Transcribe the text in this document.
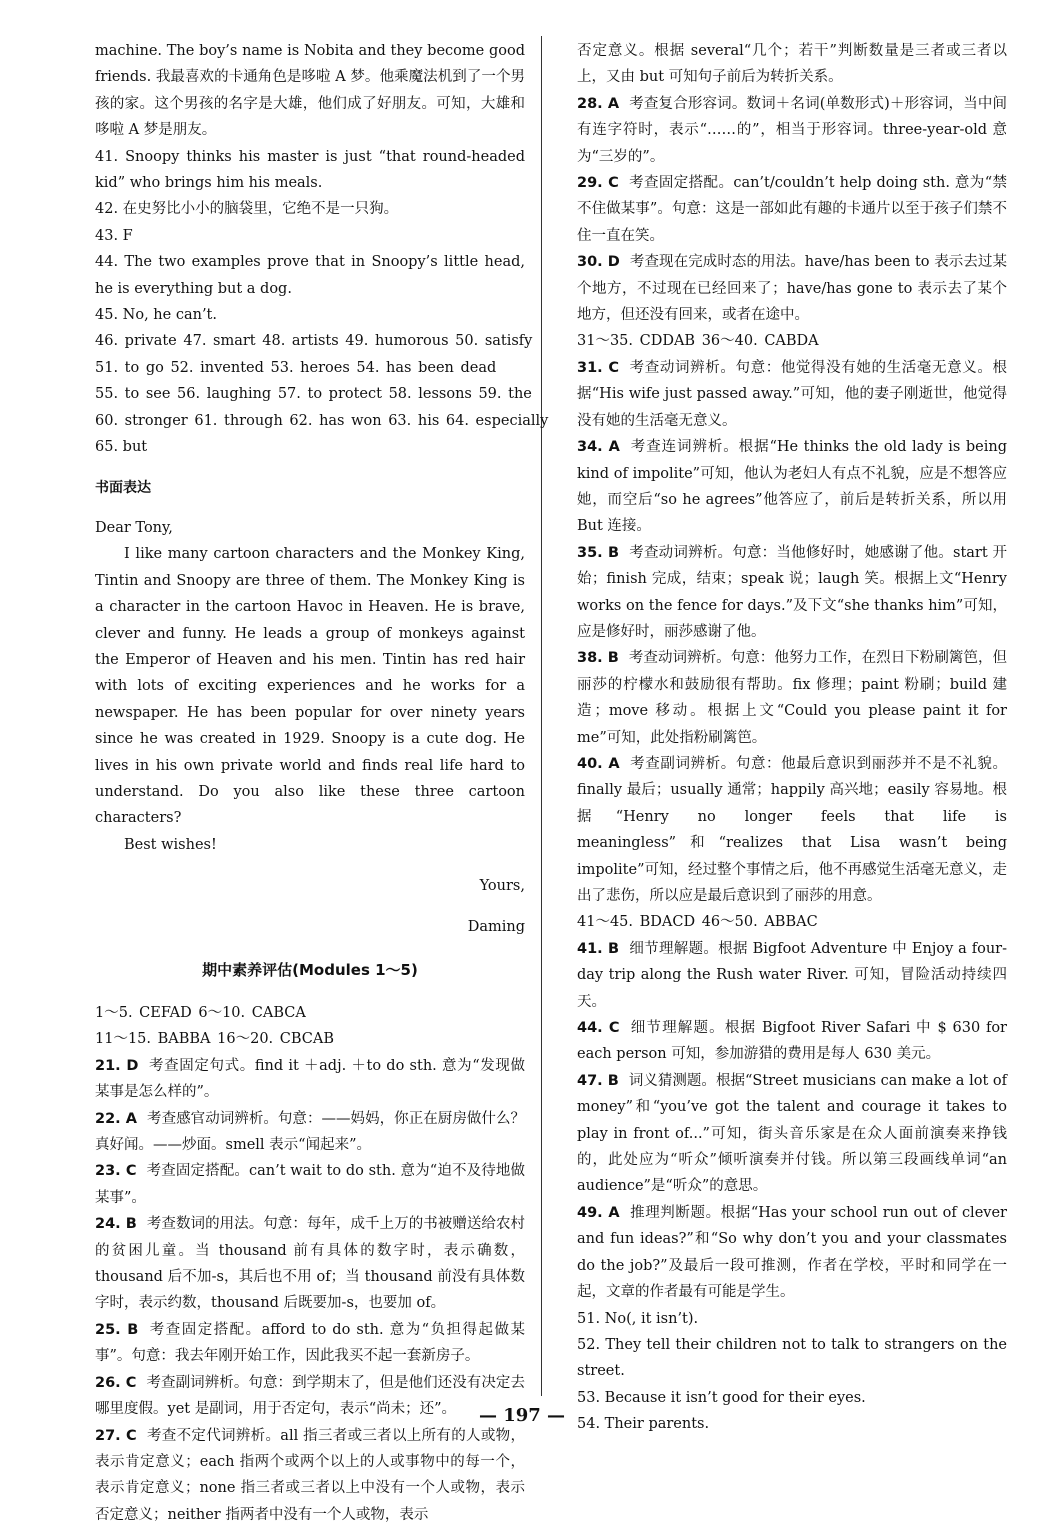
machine. The boy’s name is Nobita and they become good friends. 我最喜欢的卡通角色是哆啦 A 梦。他乘魔法机到了一个男孩的家。这个男孩的名字是大雄，他们成了好朋友。可知，大雄和哆啦 A 梦是朋友。

41. Snoopy thinks his master is just “that round-headed kid” who brings him his meals.

42. 在史努比小小的脑袋里，它绝不是一只狗。

43. F

44. The two examples prove that in Snoopy’s little head, he is everything but a dog.

45. No, he can’t.

46. private 47. smart 48. artists 49. humorous 50. satisfy

51. to go 52. invented 53. heroes 54. has been dead

55. to see 56. laughing 57. to protect 58. lessons 59. the

60. stronger 61. through 62. has won 63. his 64. especially

65. but

书面表达

Dear Tony,

I like many cartoon characters and the Monkey King, Tintin and Snoopy are three of them. The Monkey King is a character in the cartoon Havoc in Heaven. He is brave, clever and funny. He leads a group of monkeys against the Emperor of Heaven and his men. Tintin has red hair with lots of exciting experiences and he works for a newspaper. He has been popular for over ninety years since he was created in 1929. Snoopy is a cute dog. He lives in his own private world and finds real life hard to understand. Do you also like these three cartoon characters?

Best wishes!

Yours,

Daming

期中素养评估(Modules 1～5)

1～5. CEFAD 6～10. CABCA

11～15. BABBA 16～20. CBCAB

21. D 考查固定句式。find it ＋adj. ＋to do sth. 意为“发现做某事是怎么样的”。

22. A 考查感官动词辨析。句意：——妈妈，你正在厨房做什么？真好闻。——炒面。smell 表示“闻起来”。

23. C 考查固定搭配。can’t wait to do sth. 意为“迫不及待地做某事”。

24. B 考查数词的用法。句意：每年，成千上万的书被赠送给农村的贫困儿童。当 thousand 前有具体的数字时，表示确数，thousand 后不加-s，其后也不用 of；当 thousand 前没有具体数字时，表示约数，thousand 后既要加-s，也要加 of。

25. B 考查固定搭配。afford to do sth. 意为“负担得起做某事”。句意：我去年刚开始工作，因此我买不起一套新房子。

26. C 考查副词辨析。句意：到学期末了，但是他们还没有决定去哪里度假。yet 是副词，用于否定句，表示“尚未；还”。

27. C 考查不定代词辨析。all 指三者或三者以上所有的人或物，表示肯定意义；each 指两个或两个以上的人或事物中的每一个，表示肯定意义；none 指三者或三者以上中没有一个人或物，表示否定意义；neither 指两者中没有一个人或物，表示

否定意义。根据 several“几个；若干”判断数量是三者或三者以上，又由 but 可知句子前后为转折关系。

28. A 考查复合形容词。数词＋名词(单数形式)＋形容词，当中间有连字符时，表示“……的”，相当于形容词。three-year-old 意为“三岁的”。

29. C 考查固定搭配。can’t/couldn’t help doing sth. 意为“禁不住做某事”。句意：这是一部如此有趣的卡通片以至于孩子们禁不住一直在笑。

30. D 考查现在完成时态的用法。have/has been to 表示去过某个地方，不过现在已经回来了；have/has gone to 表示去了某个地方，但还没有回来，或者在途中。

31～35. CDDAB 36～40. CABDA

31. C 考查动词辨析。句意：他觉得没有她的生活毫无意义。根据“His wife just passed away.”可知，他的妻子刚逝世，他觉得没有她的生活毫无意义。

34. A 考查连词辨析。根据“He thinks the old lady is being kind of impolite”可知，他认为老妇人有点不礼貌，应是不想答应她，而空后“so he agrees”他答应了，前后是转折关系，所以用 But 连接。

35. B 考查动词辨析。句意：当他修好时，她感谢了他。start 开始；finish 完成，结束；speak 说；laugh 笑。根据上文“Henry works on the fence for days.”及下文“she thanks him”可知，应是修好时，丽莎感谢了他。

38. B 考查动词辨析。句意：他努力工作，在烈日下粉刷篱笆，但丽莎的柠檬水和鼓励很有帮助。fix 修理；paint 粉刷；build 建造；move 移动。根据上文“Could you please paint it for me”可知，此处指粉刷篱笆。

40. A 考查副词辨析。句意：他最后意识到丽莎并不是不礼貌。finally 最后；usually 通常；happily 高兴地；easily 容易地。根据“Henry no longer feels that life is meaningless”和“realizes that Lisa wasn’t being impolite”可知，经过整个事情之后，他不再感觉生活毫无意义，走出了悲伤，所以应是最后意识到了丽莎的用意。

41～45. BDACD 46～50. ABBAC

41. B 细节理解题。根据 Bigfoot Adventure 中 Enjoy a four-day trip along the Rush water River. 可知，冒险活动持续四天。

44. C 细节理解题。根据 Bigfoot River Safari 中 $ 630 for each person 可知，参加游猎的费用是每人 630 美元。

47. B 词义猜测题。根据“Street musicians can make a lot of money”和“you’ve got the talent and courage it takes to play in front of...”可知，街头音乐家是在众人面前演奏来挣钱的，此处应为“听众”倾听演奏并付钱。所以第三段画线单词“an audience”是“听众”的意思。

49. A 推理判断题。根据“Has your school run out of clever and fun ideas?”和“So why don’t you and your classmates do the job?”及最后一段可推测，作者在学校，平时和同学在一起，文章的作者最有可能是学生。

51. No(, it isn’t).

52. They tell their children not to talk to strangers on the street.

53. Because it isn’t good for their eyes.

54. Their parents.

— 197 —
